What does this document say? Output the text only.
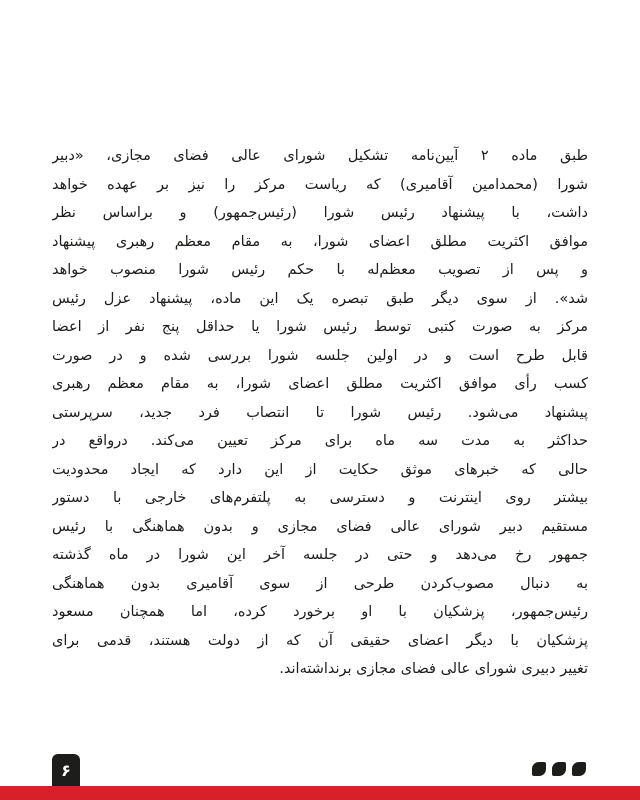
طبق ماده ۲ آیین‌نامه تشکیل شورای عالی فضای مجازی، «دبیر
شورا (محمدامین آقامیری) که ریاست مرکز را نیز بر عهده خواهد
داشت، با پیشنهاد رئیس شورا (رئیس‌جمهور) و براساس نظر
موافق اکثریت مطلق اعضای شورا، به مقام معظم رهبری پیشنهاد
و پس از تصویب معظم‌له با حکم رئیس شورا منصوب خواهد
شد». از سوی دیگر طبق تبصره یک این ماده، پیشنهاد عزل رئیس
مرکز به صورت کتبی توسط رئیس شورا یا حداقل پنج نفر از اعضا
قابل طرح است و در اولین جلسه شورا بررسی شده و در صورت
کسب رأی موافق اکثریت مطلق اعضای شورا، به مقام معظم رهبری
پیشنهاد می‌شود. رئیس شورا تا انتصاب فرد جدید، سرپرستی
حداکثر به مدت سه ماه برای مرکز تعیین می‌کند. درواقع در
حالی که خبرهای موثق حکایت از این دارد که ایجاد محدودیت
بیشتر روی اینترنت و دسترسی به پلتفرم‌های خارجی با دستور
مستقیم دبیر شورای عالی فضای مجازی و بدون هماهنگی با رئیس
جمهور رخ می‌دهد و حتی در جلسه آخر این شورا در ماه گذشته
به دنبال مصوب‌کردن طرحی از سوی آقامیری بدون هماهنگی
رئیس‌جمهور، پزشکیان با او برخورد کرده، اما همچنان مسعود
پزشکیان با دیگر اعضای حقیقی آن که از دولت هستند، قدمی برای
تغییر دبیری شورای عالی فضای مجازی برنداشته‌اند.
۶
